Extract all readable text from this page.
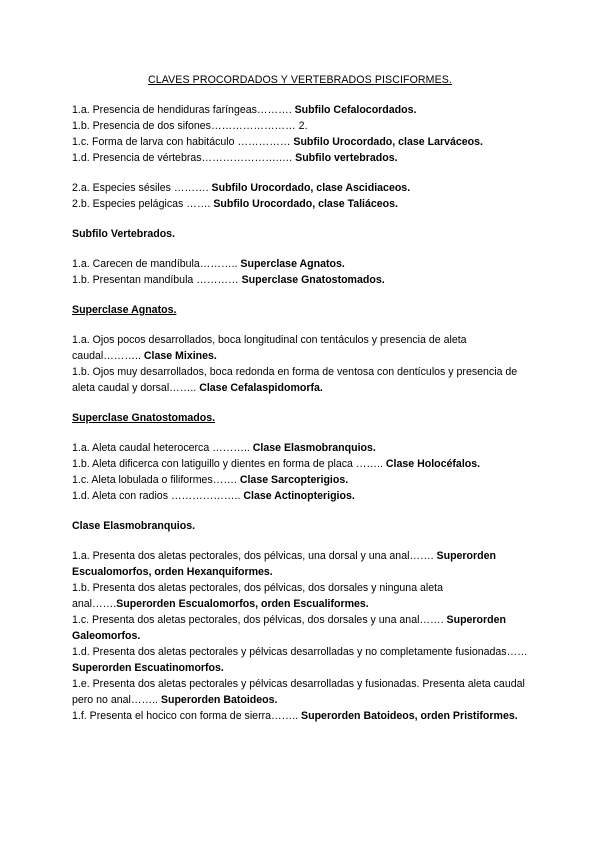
CLAVES PROCORDADOS Y VERTEBRADOS PISCIFORMES.
1.a. Presencia de hendiduras faríngeas………. Subfilo Cefalocordados.
1.b. Presencia de dos sifones…………………… 2.
1.c. Forma de larva con habitáculo …………… Subfilo Urocordado, clase Larváceos.
1.d. Presencia de vértebras………………….…. Subfilo vertebrados.
2.a. Especies sésiles ………. Subfilo Urocordado, clase Ascidiaceos.
2.b. Especies pelágicas ……. Subfilo Urocordado, clase Taliáceos.
Subfilo Vertebrados.
1.a. Carecen de mandíbula……….. Superclase Agnatos.
1.b. Presentan mandíbula ………… Superclase Gnatostomados.
Superclase Agnatos.
1.a. Ojos pocos desarrollados, boca longitudinal con tentáculos y presencia de aleta caudal……….. Clase Mixines.
1.b. Ojos muy desarrollados, boca redonda en forma de ventosa con dentículos y presencia de aleta caudal y dorsal…….. Clase Cefalaspidomorfa.
Superclase Gnatostomados.
1.a. Aleta caudal heterocerca ……….. Clase Elasmobranquios.
1.b. Aleta dificerca con latiguillo y dientes en forma de placa …….. Clase Holocéfalos.
1.c. Aleta lobulada o filiformes……. Clase Sarcopterigios.
1.d. Aleta con radios ……………….. Clase Actinopterigios.
Clase Elasmobranquios.
1.a. Presenta dos aletas pectorales, dos pélvicas, una dorsal y una anal……. Superorden Escualomorfos, orden Hexanquiformes.
1.b. Presenta dos aletas pectorales, dos pélvicas, dos dorsales y ninguna aleta anal…….Superorden Escualomorfos, orden Escualiformes.
1.c. Presenta dos aletas pectorales, dos pélvicas, dos dorsales y una anal……. Superorden Galeomorfos.
1.d. Presenta dos aletas pectorales y pélvicas desarrolladas y no completamente fusionadas……Superorden Escuatinomorfos.
1.e. Presenta dos aletas pectorales y pélvicas desarrolladas y fusionadas. Presenta aleta caudal pero no anal…….. Superorden Batoideos.
1.f. Presenta el hocico con forma de sierra…….. Superorden Batoideos, orden Pristiformes.
